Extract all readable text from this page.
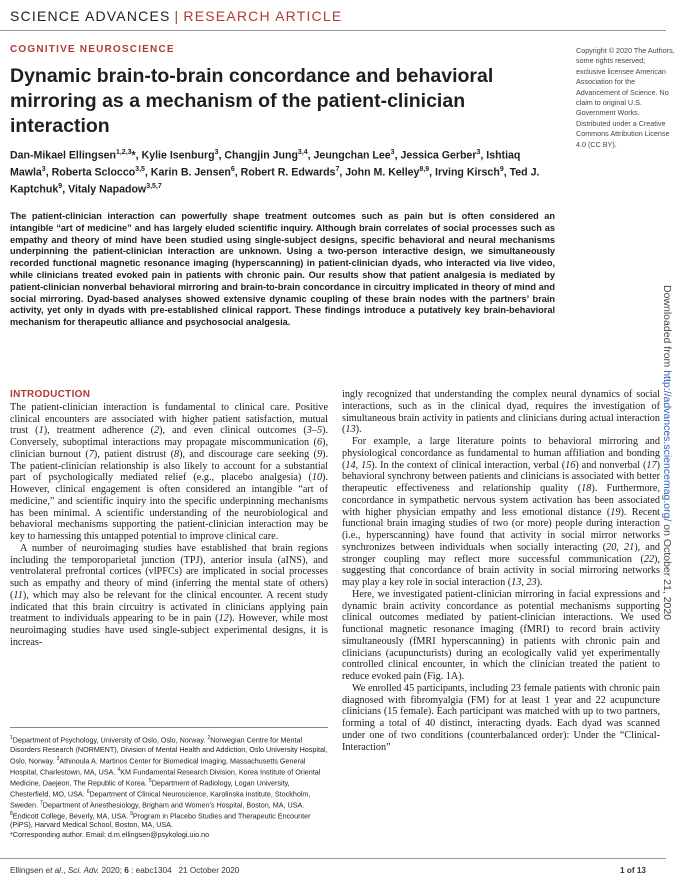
SCIENCE ADVANCES | RESEARCH ARTICLE
COGNITIVE NEUROSCIENCE
Dynamic brain-to-brain concordance and behavioral mirroring as a mechanism of the patient-clinician interaction
Dan-Mikael Ellingsen$^{1,2,3}$*, Kylie Isenburg$^3$, Changjin Jung$^{3,4}$, Jeungchan Lee$^3$, Jessica Gerber$^3$, Ishtiaq Mawla$^3$, Roberta Sclocco$^{3,5}$, Karin B. Jensen$^6$, Robert R. Edwards$^7$, John M. Kelley$^{8,9}$, Irving Kirsch$^9$, Ted J. Kaptchuk$^9$, Vitaly Napadow$^{3,5,7}$
Copyright © 2020 The Authors, some rights reserved; exclusive licensee American Association for the Advancement of Science. No claim to original U.S. Government Works. Distributed under a Creative Commons Attribution License 4.0 (CC BY).
The patient-clinician interaction can powerfully shape treatment outcomes such as pain but is often considered an intangible “art of medicine” and has largely eluded scientific inquiry. Although brain correlates of social processes such as empathy and theory of mind have been studied using single-subject designs, specific behavioral and neural mechanisms underpinning the patient-clinician interaction are unknown. Using a two-person interactive design, we simultaneously recorded functional magnetic resonance imaging (hyperscanning) in patient-clinician dyads, who interacted via live video, while clinicians treated evoked pain in patients with chronic pain. Our results show that patient analgesia is mediated by patient-clinician nonverbal behavioral mirroring and brain-to-brain concordance in circuitry implicated in theory of mind and social mirroring. Dyad-based analyses showed extensive dynamic coupling of these brain nodes with the partners’ brain activity, yet only in dyads with pre-established clinical rapport. These findings introduce a putatively key brain-behavioral mechanism for therapeutic alliance and psychosocial analgesia.
INTRODUCTION

The patient-clinician interaction is fundamental to clinical care. Positive clinical encounters are associated with higher patient satisfaction, mutual trust (1), treatment adherence (2), and even clinical outcomes (3–5). Conversely, suboptimal interactions may propagate miscommunication (6), clinician burnout (7), patient distrust (8), and discourage care seeking (9). The patient-clinician relationship is also likely to account for a substantial part of psychologically mediated relief (e.g., placebo analgesia) (10). However, clinical engagement is often considered an intangible “art of medicine,” and scientific inquiry into the specific underpinning mechanisms has been minimal. A scientific understanding of the neurobiological and behavioral mechanisms supporting the patient-clinician interaction may be key to harnessing this untapped potential to improve clinical care.

A number of neuroimaging studies have established that brain regions including the temporoparietal junction (TPJ), anterior insula (aINS), and ventrolateral prefrontal cortices (vlPFCs) are implicated in social processes such as empathy and theory of mind (inferring the mental state of others) (11), which may also be relevant for the clinical encounter. A recent study indicated that this brain circuitry is activated in clinicians applying pain treatment to individuals appearing to be in pain (12). However, while most neuroimaging studies have used single-subject experimental designs, it is increas-

ingly recognized that understanding the complex neural dynamics of social interactions, such as in the clinical dyad, requires the investigation of simultaneous brain activity in patients and clinicians during actual interaction (13).

For example, a large literature points to behavioral mirroring and physiological concordance as fundamental to human affiliation and bonding (14, 15). In the context of clinical interaction, verbal (16) and nonverbal (17) behavioral synchrony between patients and clinicians is associated with better therapeutic effectiveness and relationship quality (18). Furthermore, concordance in sympathetic nervous system activation has been associated with higher physician empathy and less emotional distance (19). Recent functional brain imaging studies of two (or more) people during interaction (i.e., hyperscanning) have found that activity in social mirror networks synchronizes between individuals when socially interacting (20, 21), and stronger coupling may reflect more successful communication (22), suggesting that concordance of brain activity in social mirroring networks may play a key role in social interaction (13, 23).

Here, we investigated patient-clinician mirroring in facial expressions and dynamic brain activity concordance as potential mechanisms supporting clinical outcomes mediated by patient-clinician interactions. We used functional magnetic resonance imaging (fMRI) to record brain activity simultaneously (fMRI hyperscanning) in patients with chronic pain and clinicians (acupuncturists) during an ecologically valid yet experimentally controlled clinical encounter, in which the clinician treated the patient to reduce evoked pain (Fig. 1A).

We enrolled 45 participants, including 23 female patients with chronic pain diagnosed with fibromyalgia (FM) for at least 1 year and 22 acupuncture clinicians (15 female). Each participant was matched with up to two partners, forming a total of 40 distinct, interacting dyads. Each dyad was scanned under one of two conditions (counterbalanced order): Under the “Clinical-Interaction”

$^1$Department of Psychology, University of Oslo, Oslo, Norway. $^2$Norwegian Centre for Mental Disorders Research (NORMENT), Division of Mental Health and Addiction, Oslo University Hospital, Oslo, Norway. $^3$Athinoula A. Martinos Center for Biomedical Imaging, Massachusetts General Hospital, Charlestown, MA, USA. $^4$KM Fundamental Research Division, Korea Institute of Oriental Medicine, Daejeon, The Republic of Korea. $^5$Department of Radiology, Logan University, Chesterfield, MO, USA. $^6$Department of Clinical Neuroscience, Karolinska Institute, Stockholm, Sweden. $^7$Department of Anesthesiology, Brigham and Women's Hospital, Boston, MA, USA. $^8$Endicott College, Beverly, MA, USA. $^9$Program in Placebo Studies and Therapeutic Encounter (PiPS), Harvard Medical School, Boston, MA, USA.
*Corresponding author. Email: d.m.ellingsen@psykologi.uio.no
Ellingsen et al., Sci. Adv. 2020; 6 : eabc1304   21 October 2020	1 of 13
Downloaded from http://advances.sciencemag.org/ on October 21, 2020
